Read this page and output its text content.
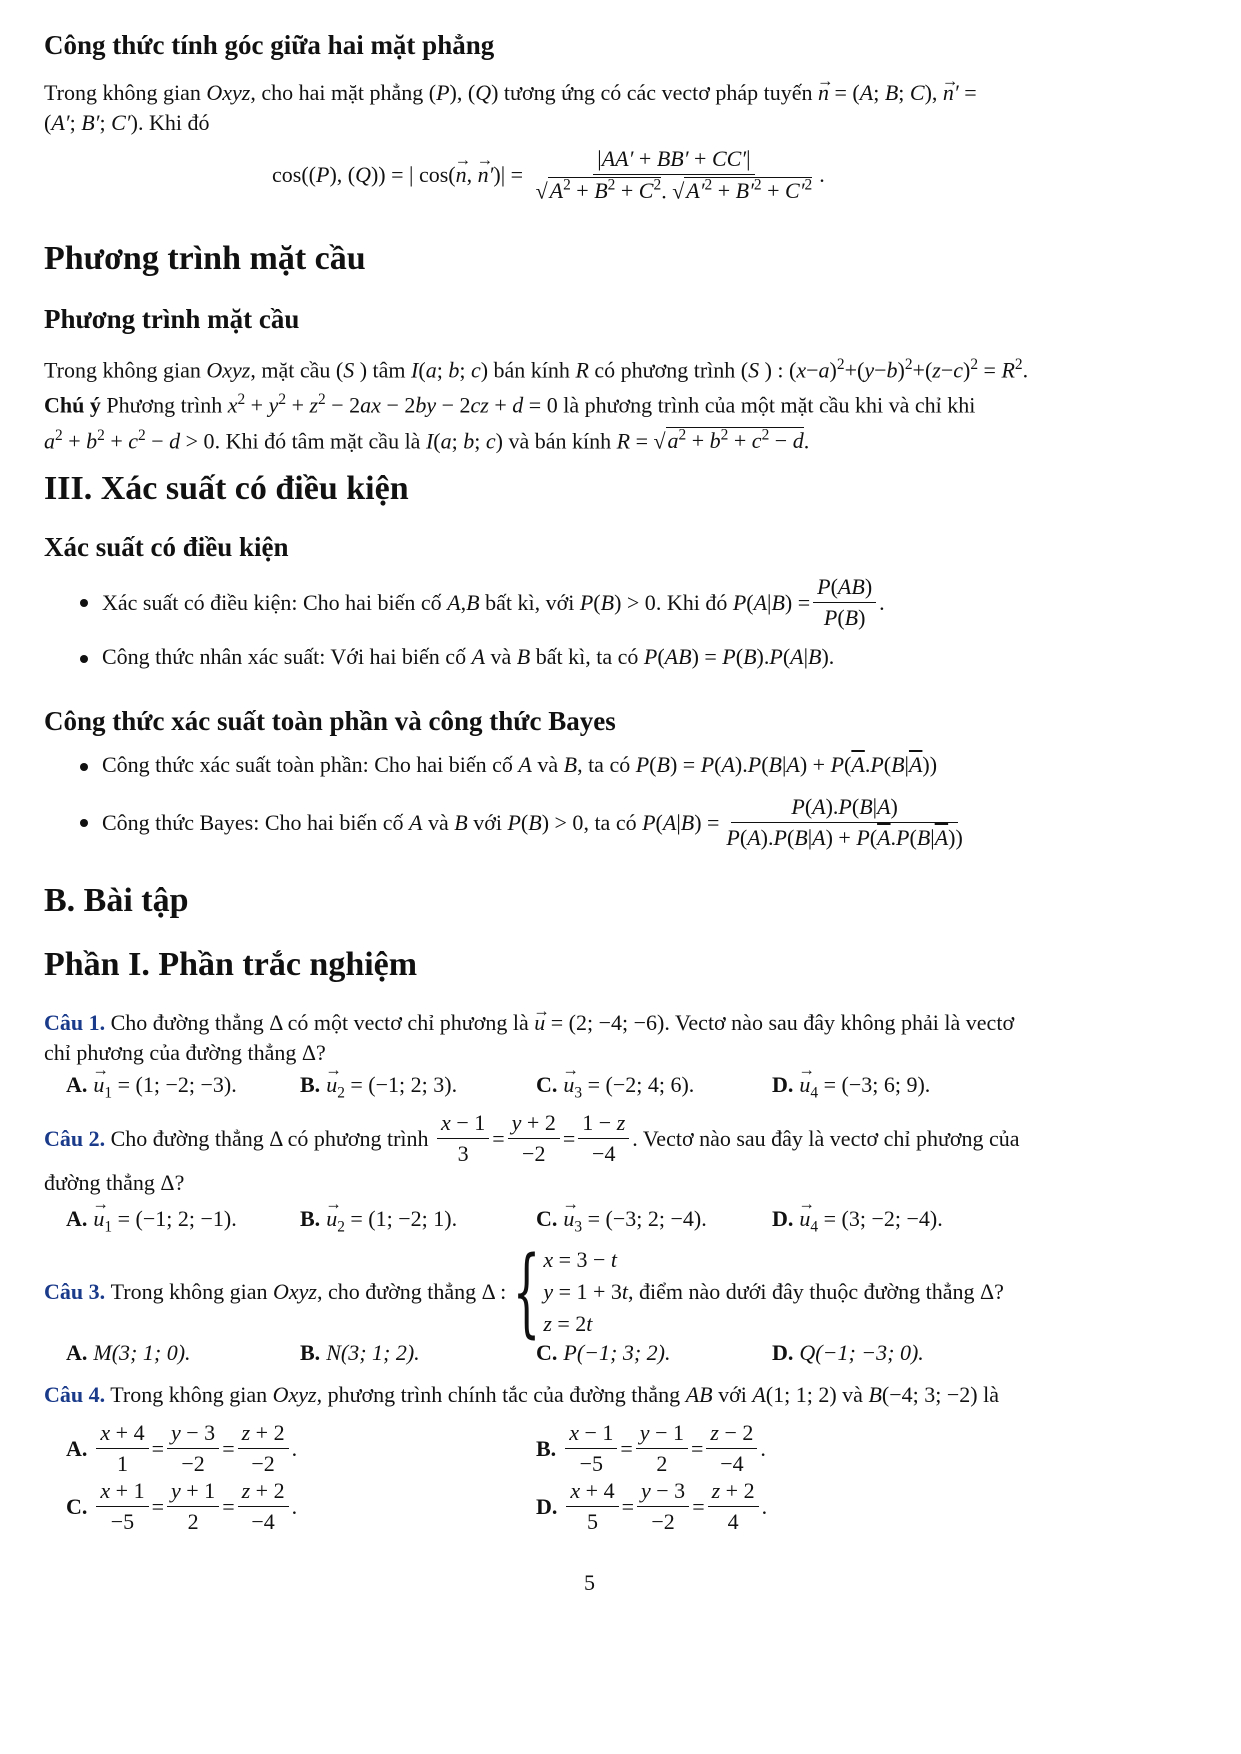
Công thức tính góc giữa hai mặt phẳng

Trong không gian Oxyz, cho hai mặt phẳng (P), (Q) tương ứng có các vectơ pháp tuyến → n = (A; B; C), → n′ =
(A′; B′; C′). Khi đó

cos((P), (Q)) = | cos(→ n, → $n')| = \frac{|AA' + BB' + CC'|}{√A^2 + B^2 + C^2. √A'^2 + B'^2 + C'^2}$ .
Phương trình mặt cầu
Phương trình mặt cầu

Trong không gian Oxyz, mặt cầu (S ) tâm I(a; b; c) bán kính R có phương trình (S ) : $(x-a)^2+(y-b)^2+(z-c)^2 = R^2$.
Chú ý Phương trình $x^2 + y^2 + z^2 - 2ax - 2by - 2cz + d = 0$ là phương trình của một mặt cầu khi và chỉ khi
$a^2 + b^2 + c^2 - d > 0$. Khi đó tâm mặt cầu là I(a; b; c) và bán kính $R = √a^2 + b^2 + c^2 - d$.

III. Xác suất có điều kiện
Xác suất có điều kiện
Xác suất có điều kiện: Cho hai biến cố
A , B
bất kì, với
P ( B ) > 0 . Khi đó
P ( A | B ) = $\frac{P(AB)}{P(B)}$ .
Công thức nhân xác suất: Với hai biến cố A và B bất kì, ta có P(AB) = P(B).P(A|B).
Công thức xác suất toàn phần và công thức Bayes
Công thức xác suất toàn phần: Cho hai biến cố A và B, ta có $P(B) = P(A).P(B|A) + P(\overline{A}.P(B|\overline{A}))$
Công thức Bayes: Cho hai biến cố
A
và
B
với
P ( B ) > 0 , ta có
P ( A | B ) = $\frac{P(A).P(B|A)}{P(A).P(B|A) + P(\overline{A}.P(B|\overline{A}))}$
B. Bài tập
Phần I. Phần trắc nghiệm

Câu 1. Cho đường thẳng Δ có một vectơ chỉ phương là → u = (2; −4; −6). Vectơ nào sau đây không phải là vectơ
chỉ phương của đường thẳng Δ?

A. → $u_1 = (1$; −2; −3).	B. → $u_2 = (-1$; 2; 3).	C. → $u_3 = (-2$; 4; 6).	D. → $u_4 = (-3$; 6; 9).
Câu 2.
Cho đường thẳng Δ có phương trình
$\frac{x - 1}{3} = \frac{y + 2}{-2} = \frac{1 - z}{-4}$ . Vectơ nào sau đây là vectơ chỉ phương của

đường thẳng Δ?

A. → $u_1 = (-1$; 2; −1).	B. → $u_2 = (1$; −2; 1).	C. → $u_3 = (-3$; 2; −4).	D. → $u_4 = (3$; −2; −4).
Câu 3.
Trong không gian
Oxyz , cho đường thẳng Δ : { x = 3 − t
y = 1 + 3t
z = 2t
, điểm nào dưới đây thuộc đường thẳng Δ?
A. M(3; 1; 0).	B. N(3; 1; 2).	C. P(−1; 3; 2).	D. Q(−1; −3; 0).

Câu 4. Trong không gian Oxyz, phương trình chính tắc của đường thẳng AB với A(1; 1; 2) và B(−4; 3; −2) là

A. $\frac{x + 4}{1} = \frac{y - 3}{-2} = \frac{z + 2}{-2}$ .	B. $\frac{x - 1}{-5} = \frac{y - 1}{2} = \frac{z - 2}{-4}$ .
C. $\frac{x + 1}{-5} = \frac{y + 1}{2} = \frac{z + 2}{-4}$ .	D. $\frac{x + 4}{5} = \frac{y - 3}{-2} = \frac{z + 2}{4}$ .
5
